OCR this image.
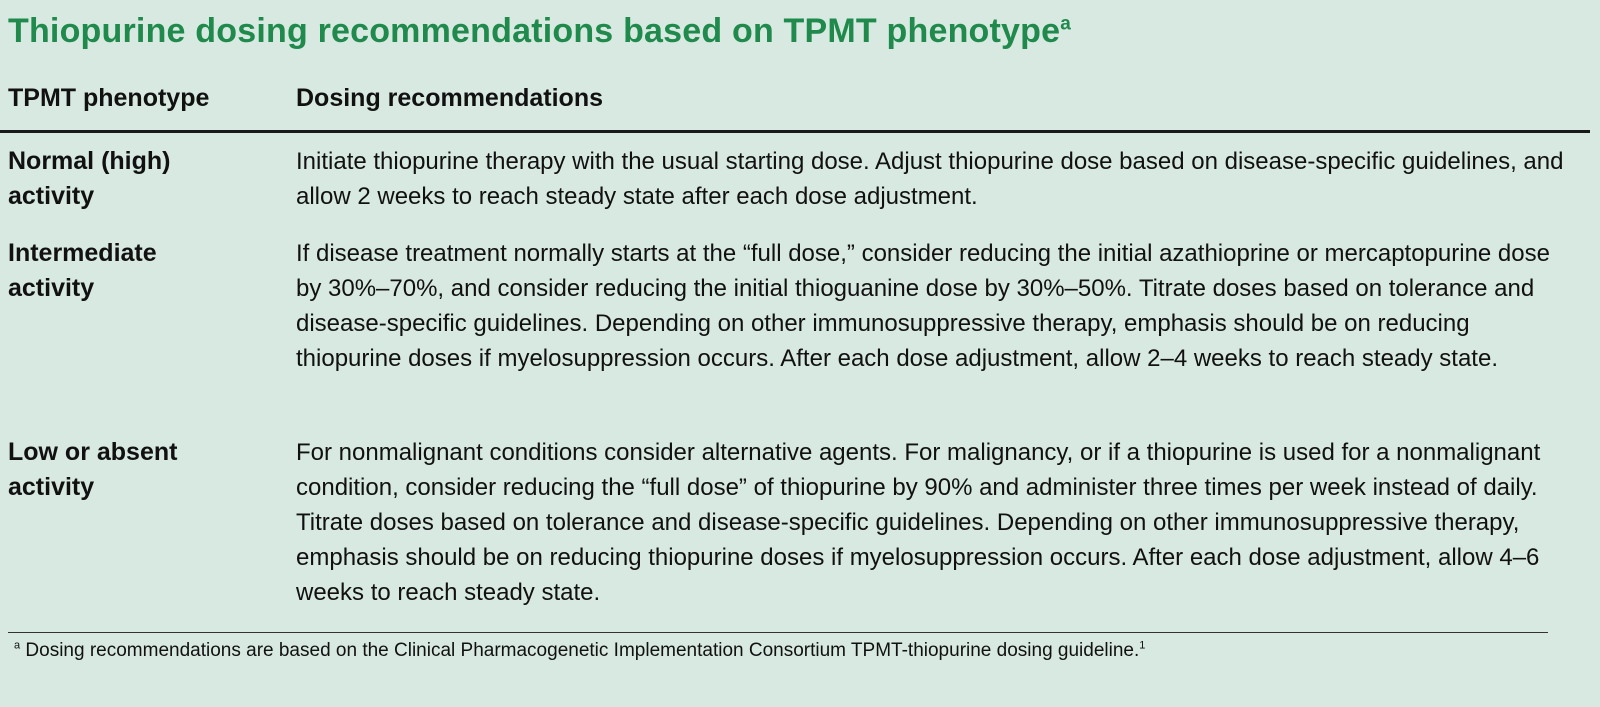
Thiopurine dosing recommendations based on TPMT phenotype$^a$
TPMT phenotype	Dosing recommendations
Normal (high)
activity
Initiate thiopurine therapy with the usual starting dose. Adjust thiopurine dose based on disease-specific guidelines, and allow 2 weeks to reach steady state after each dose adjustment.
Intermediate
activity
If disease treatment normally starts at the “full dose,” consider reducing the initial azathioprine or mercaptopurine dose by 30%–70%, and consider reducing the initial thioguanine dose by 30%–50%. Titrate doses based on tolerance and disease-specific guidelines. Depending on other immunosuppressive therapy, emphasis should be on reducing thiopurine doses if myelosuppression occurs. After each dose adjustment, allow 2–4 weeks to reach steady state.
Low or absent
activity
For nonmalignant conditions consider alternative agents. For malignancy, or if a thiopurine is used for a nonmalignant condition, consider reducing the “full dose” of thiopurine by 90% and administer three times per week instead of daily. Titrate doses based on tolerance and disease-specific guidelines. Depending on other immunosuppressive therapy, emphasis should be on reducing thiopurine doses if myelosuppression occurs. After each dose adjustment, allow 4–6 weeks to reach steady state.
$^a$ Dosing recommendations are based on the Clinical Pharmacogenetic Implementation Consortium TPMT-thiopurine dosing guideline.$^1$
